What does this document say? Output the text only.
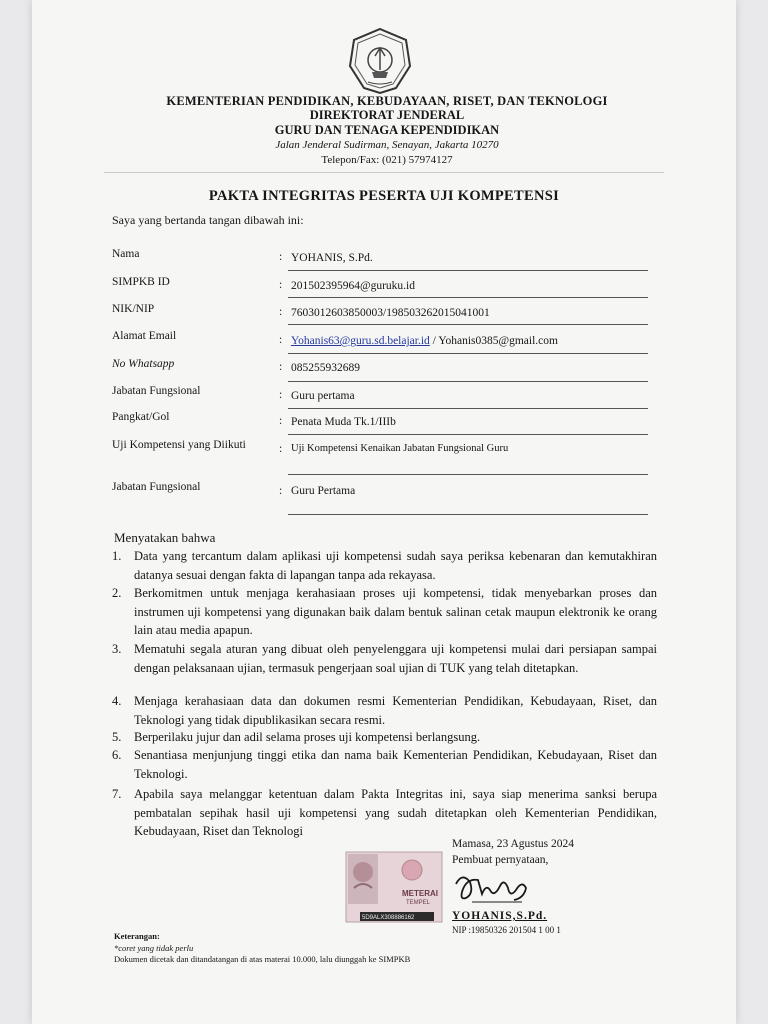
KEMENTERIAN PENDIDIKAN, KEBUDAYAAN, RISET, DAN TEKNOLOGI
DIREKTORAT JENDERAL
GURU DAN TENAGA KEPENDIDIKAN
Jalan Jenderal Sudirman, Senayan, Jakarta 10270
Telepon/Fax: (021) 57974127
PAKTA INTEGRITAS PESERTA UJI KOMPETENSI
Saya yang bertanda tangan dibawah ini:
Nama	: YOHANIS, S.Pd.
SIMPKB ID	: 201502395964@guruku.id
NIK/NIP	: 7603012603850003/198503262015041001
Alamat Email	: Yohanis63@guru.sd.belajar.id / Yohanis0385@gmail.com
No Whatsapp	: 085255932689
Jabatan Fungsional	: Guru pertama
Pangkat/Gol	: Penata Muda Tk.1/IIIb
Uji Kompetensi yang Diikuti	: Uji Kompetensi Kenaikan Jabatan Fungsional Guru
Jabatan Fungsional	: Guru Pertama
Menyatakan bahwa
1. Data yang tercantum dalam aplikasi uji kompetensi sudah saya periksa kebenaran dan kemutakhiran datanya sesuai dengan fakta di lapangan tanpa ada rekayasa.
2. Berkomitmen untuk menjaga kerahasiaan proses uji kompetensi, tidak menyebarkan proses dan instrumen uji kompetensi yang digunakan baik dalam bentuk salinan cetak maupun elektronik ke orang lain atau media apapun.
3. Mematuhi segala aturan yang dibuat oleh penyelenggara uji kompetensi mulai dari persiapan sampai dengan pelaksanaan ujian, termasuk pengerjaan soal ujian di TUK yang telah ditetapkan.
4. Menjaga kerahasiaan data dan dokumen resmi Kementerian Pendidikan, Kebudayaan, Riset, dan Teknologi yang tidak dipublikasikan secara resmi.
5. Berperilaku jujur dan adil selama proses uji kompetensi berlangsung.
6. Senantiasa menjunjung tinggi etika dan nama baik Kementerian Pendidikan, Kebudayaan, Riset dan Teknologi.
7. Apabila saya melanggar ketentuan dalam Pakta Integritas ini, saya siap menerima sanksi berupa pembatalan sepihak hasil uji kompetensi yang sudah ditetapkan oleh Kementerian Pendidikan, Kebudayaan, Riset dan Teknologi
Mamasa, 23 Agustus 2024
Pembuat pernyataan,
METERAI
TEMPEL
5D9ALX308886162	YOHANIS,S.Pd.
NIP :19850326 201504 1 00 1
Keterangan:
*coret yang tidak perlu
Dokumen dicetak dan ditandatangan di atas materai 10.000, lalu diunggah ke SIMPKB
